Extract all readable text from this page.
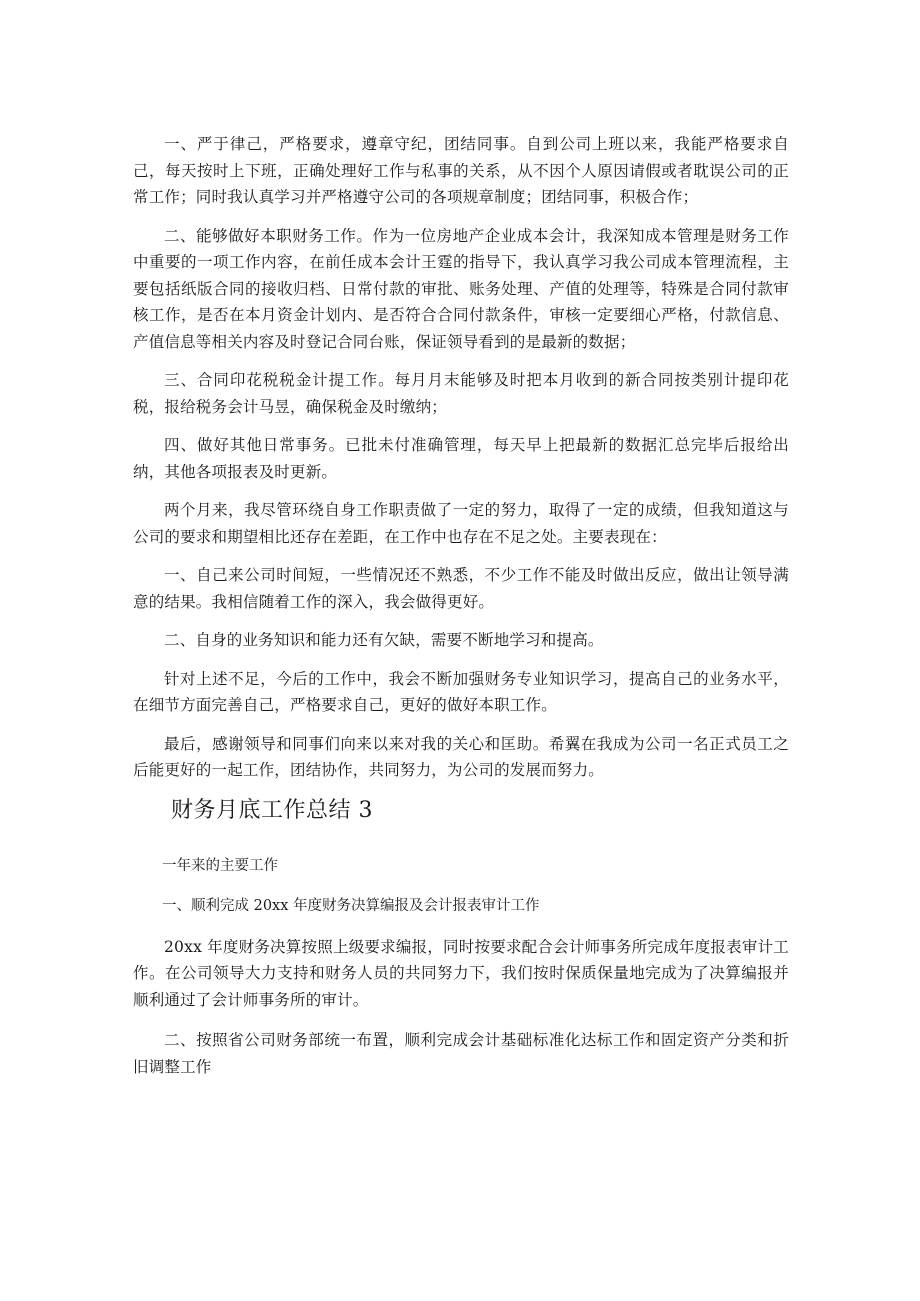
一、严于律己，严格要求，遵章守纪，团结同事。自到公司上班以来，我能严格要求自己，每天按时上下班，正确处理好工作与私事的关系，从不因个人原因请假或者耽误公司的正常工作；同时我认真学习并严格遵守公司的各项规章制度；团结同事，积极合作；

二、能够做好本职财务工作。作为一位房地产企业成本会计，我深知成本管理是财务工作中重要的一项工作内容，在前任成本会计王霆的指导下，我认真学习我公司成本管理流程，主要包括纸版合同的接收归档、日常付款的审批、账务处理、产值的处理等，特殊是合同付款审核工作，是否在本月资金计划内、是否符合合同付款条件，审核一定要细心严格，付款信息、产值信息等相关内容及时登记合同台账，保证领导看到的是最新的数据；

三、合同印花税税金计提工作。每月月末能够及时把本月收到的新合同按类别计提印花税，报给税务会计马昱，确保税金及时缴纳；

四、做好其他日常事务。已批未付准确管理，每天早上把最新的数据汇总完毕后报给出纳，其他各项报表及时更新。

两个月来，我尽管环绕自身工作职责做了一定的努力，取得了一定的成绩，但我知道这与公司的要求和期望相比还存在差距，在工作中也存在不足之处。主要表现在：

一、自己来公司时间短，一些情况还不熟悉，不少工作不能及时做出反应，做出让领导满意的结果。我相信随着工作的深入，我会做得更好。

二、自身的业务知识和能力还有欠缺，需要不断地学习和提高。

针对上述不足，今后的工作中，我会不断加强财务专业知识学习，提高自己的业务水平，在细节方面完善自己，严格要求自己，更好的做好本职工作。

最后，感谢领导和同事们向来以来对我的关心和匡助。希翼在我成为公司一名正式员工之后能更好的一起工作，团结协作，共同努力，为公司的发展而努力。

财务月底工作总结 3

一年来的主要工作

一、顺利完成 20xx 年度财务决算编报及会计报表审计工作

20xx 年度财务决算按照上级要求编报，同时按要求配合会计师事务所完成年度报表审计工作。在公司领导大力支持和财务人员的共同努力下，我们按时保质保量地完成为了决算编报并顺利通过了会计师事务所的审计。

二、按照省公司财务部统一布置，顺利完成会计基础标准化达标工作和固定资产分类和折旧调整工作
